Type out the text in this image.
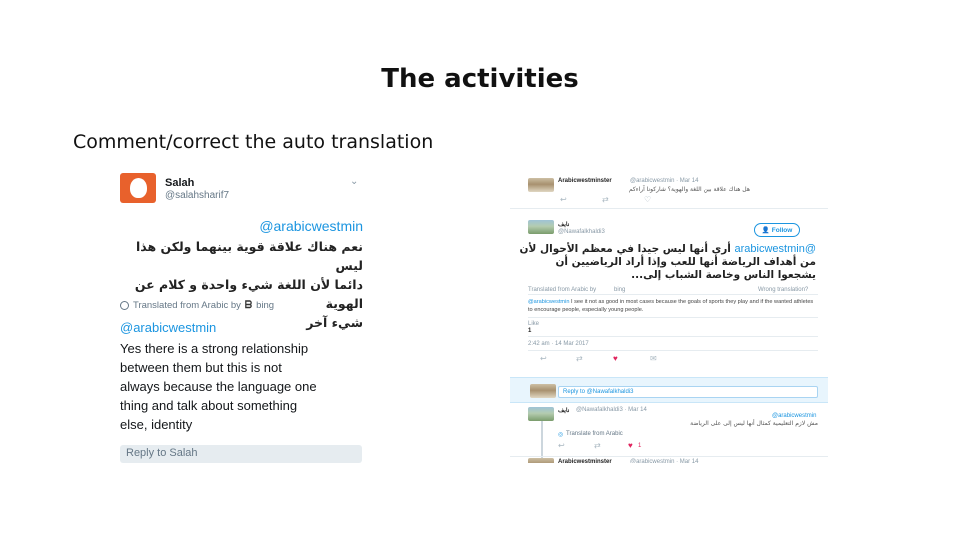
The activities
Comment/correct the auto translation
Salah
@salahsharif7
⌄
@arabicwestmin
نعم هناك علاقة قوية بينهما ولكن هذا ليس
دائما لأن اللغة شيء واحدة و كلام عن الهوية
شيء آخر
Translated from Arabic by ᗷ bing
@arabicwestmin
Yes there is a strong relationship
between them but this is not
always because the language one
thing and talk about something
else, identity
Reply to Salah
Arabicwestminster	@arabicwestmin · Mar 14
هل هناك علاقة بين اللغة والهوية؟ شاركونا آراءكم
↩	⇄	♡
نايف
@Nawafalkhaldi3	👤 Follow
@arabicwestmin أرى أنها ليس جيدا في معظم الأحوال لأن من أهداف الرياضة أنها للعب وإذا أراد الرياضيين أن يشجعوا الناس وخاصة الشباب إلى...
Translated from Arabic by	bing	Wrong translation?
@arabicwestmin I see it not as good in most cases because the goals of sports they play and if the wanted athletes to encourage people, especially young people.
Like
1
2:42 am · 14 Mar 2017
↩	⇄	♥	✉
Reply to @Nawafalkhaldi3
نايف @Nawafalkhaldi3 · Mar 14
@arabicwestmin
مش لازم التعليمية كمثال أنها ليس إلى على الرياضة
◎ Translate from Arabic
↩	⇄	♥ 1
Arabicwestminster	@arabicwestmin · Mar 14
